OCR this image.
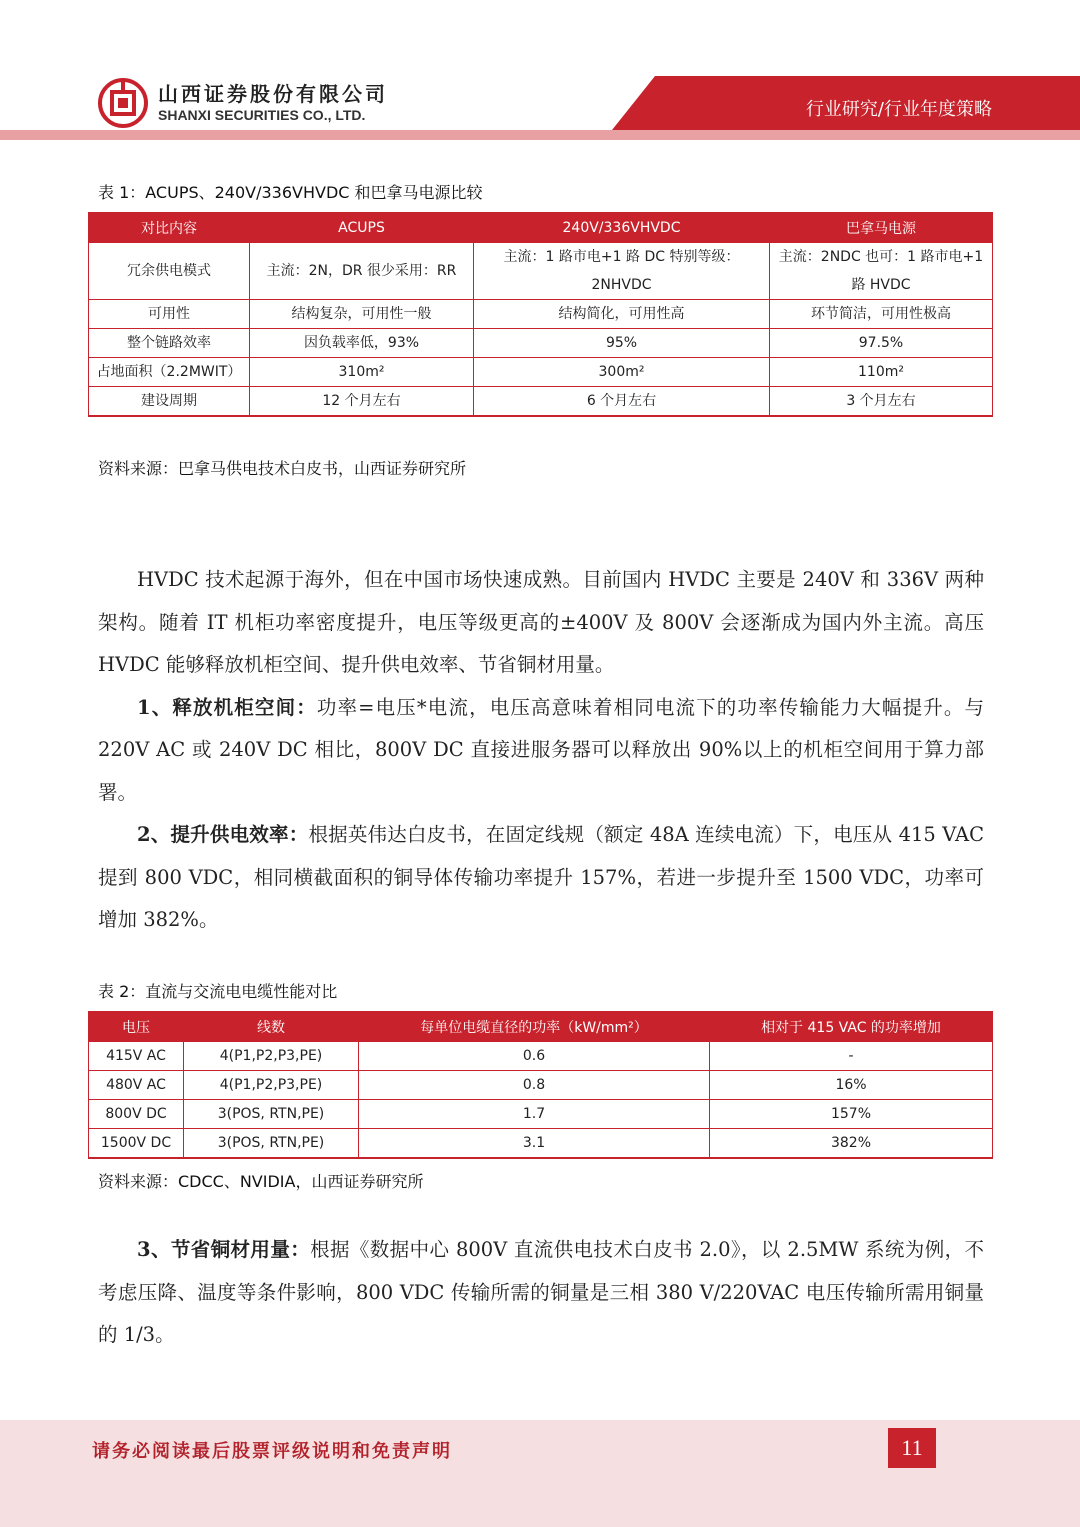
山西证券股份有限公司
SHANXI SECURITIES CO., LTD.	行业研究/行业年度策略
表 1：ACUPS、240V/336VHVDC 和巴拿马电源比较
对比内容	ACUPS	240V/336VHVDC	巴拿马电源
冗余供电模式	主流：2N，DR 很少采用：RR	主流：1 路市电+1 路 DC 特别等级：2NHVDC	主流：2NDC 也可：1 路市电+1 路 HVDC
可用性	结构复杂，可用性一般	结构简化，可用性高	环节简洁，可用性极高
整个链路效率	因负载率低，93%	95%	97.5%
占地面积（2.2MWIT）	310m²	300m²	110m²
建设周期	12 个月左右	6 个月左右	3 个月左右
资料来源：巴拿马供电技术白皮书，山西证券研究所

HVDC 技术起源于海外，但在中国市场快速成熟。目前国内 HVDC 主要是 240V 和 336V 两种架构。随着 IT 机柜功率密度提升，电压等级更高的±400V 及 800V 会逐渐成为国内外主流。高压 HVDC 能够释放机柜空间、提升供电效率、节省铜材用量。

1、释放机柜空间：功率=电压*电流，电压高意味着相同电流下的功率传输能力大幅提升。与 220V AC 或 240V DC 相比，800V DC 直接进服务器可以释放出 90%以上的机柜空间用于算力部署。

2、提升供电效率：根据英伟达白皮书，在固定线规（额定 48A 连续电流）下，电压从 415 VAC 提到 800 VDC，相同横截面积的铜导体传输功率提升 157%，若进一步提升至 1500 VDC，功率可增加 382%。

表 2：直流与交流电电缆性能对比
电压	线数	每单位电缆直径的功率（kW/mm²）	相对于 415 VAC 的功率增加
415V AC	4(P1,P2,P3,PE)	0.6	-
480V AC	4(P1,P2,P3,PE)	0.8	16%
800V DC	3(POS, RTN,PE)	1.7	157%
1500V DC	3(POS, RTN,PE)	3.1	382%
资料来源：CDCC、NVIDIA，山西证券研究所

3、节省铜材用量：根据《数据中心 800V 直流供电技术白皮书 2.0》，以 2.5MW 系统为例，不考虑压降、温度等条件影响，800 VDC 传输所需的铜量是三相 380 V/220VAC 电压传输所需用铜量的 1/3。

请务必阅读最后股票评级说明和免责声明	11
